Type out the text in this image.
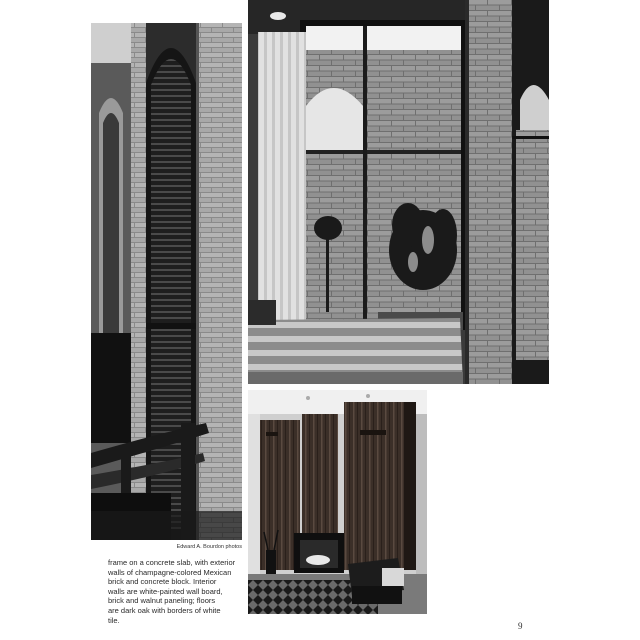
Edward A. Bourdon photos
frame on a concrete slab, with exterior
walls of champagne-colored Mexican
brick and concrete block. Interior
walls are white-painted wall board,
brick and walnut paneling; floors
are dark oak with borders of white
tile.
9
